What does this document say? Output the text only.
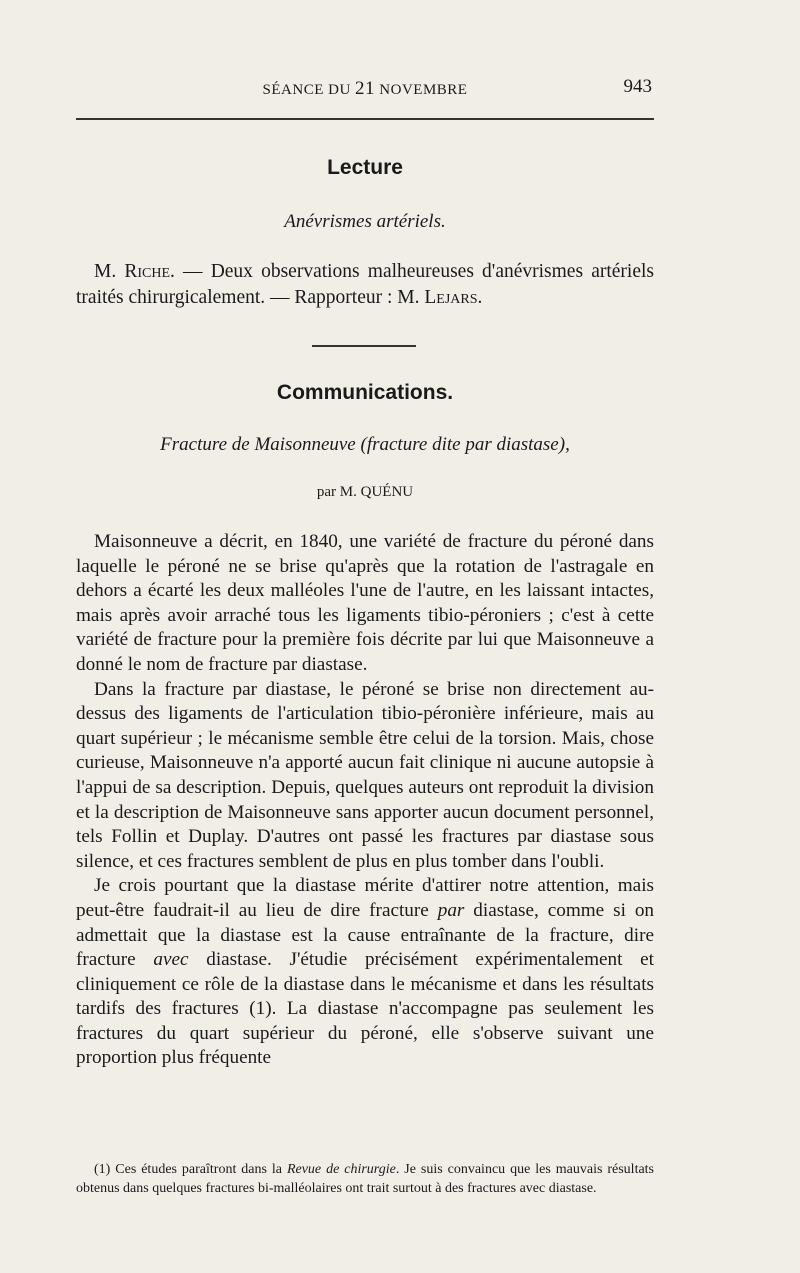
SÉANCE DU 21 NOVEMBRE	943
Lecture
Anévrismes artériels.

M. Riche. — Deux observations malheureuses d'anévrismes artériels traités chirurgicalement. — Rapporteur : M. Lejars.

Communications.
Fracture de Maisonneuve (fracture dite par diastase),
par M. QUÉNU

Maisonneuve a décrit, en 1840, une variété de fracture du péroné dans laquelle le péroné ne se brise qu'après que la rotation de l'astragale en dehors a écarté les deux malléoles l'une de l'autre, en les laissant intactes, mais après avoir arraché tous les ligaments tibio-péroniers ; c'est à cette variété de fracture pour la première fois décrite par lui que Maisonneuve a donné le nom de fracture par diastase.

Dans la fracture par diastase, le péroné se brise non directement au-dessus des ligaments de l'articulation tibio-péronière inférieure, mais au quart supérieur ; le mécanisme semble être celui de la torsion. Mais, chose curieuse, Maisonneuve n'a apporté aucun fait clinique ni aucune autopsie à l'appui de sa description. Depuis, quelques auteurs ont reproduit la division et la description de Maisonneuve sans apporter aucun document personnel, tels Follin et Duplay. D'autres ont passé les fractures par diastase sous silence, et ces fractures semblent de plus en plus tomber dans l'oubli.

Je crois pourtant que la diastase mérite d'attirer notre attention, mais peut-être faudrait-il au lieu de dire fracture par diastase, comme si on admettait que la diastase est la cause entraînante de la fracture, dire fracture avec diastase. J'étudie précisément expérimentalement et cliniquement ce rôle de la diastase dans le mécanisme et dans les résultats tardifs des fractures (1). La diastase n'accompagne pas seulement les fractures du quart supérieur du péroné, elle s'observe suivant une proportion plus fréquente

(1) Ces études paraîtront dans la Revue de chirurgie. Je suis convaincu que les mauvais résultats obtenus dans quelques fractures bi-malléolaires ont trait surtout à des fractures avec diastase.
